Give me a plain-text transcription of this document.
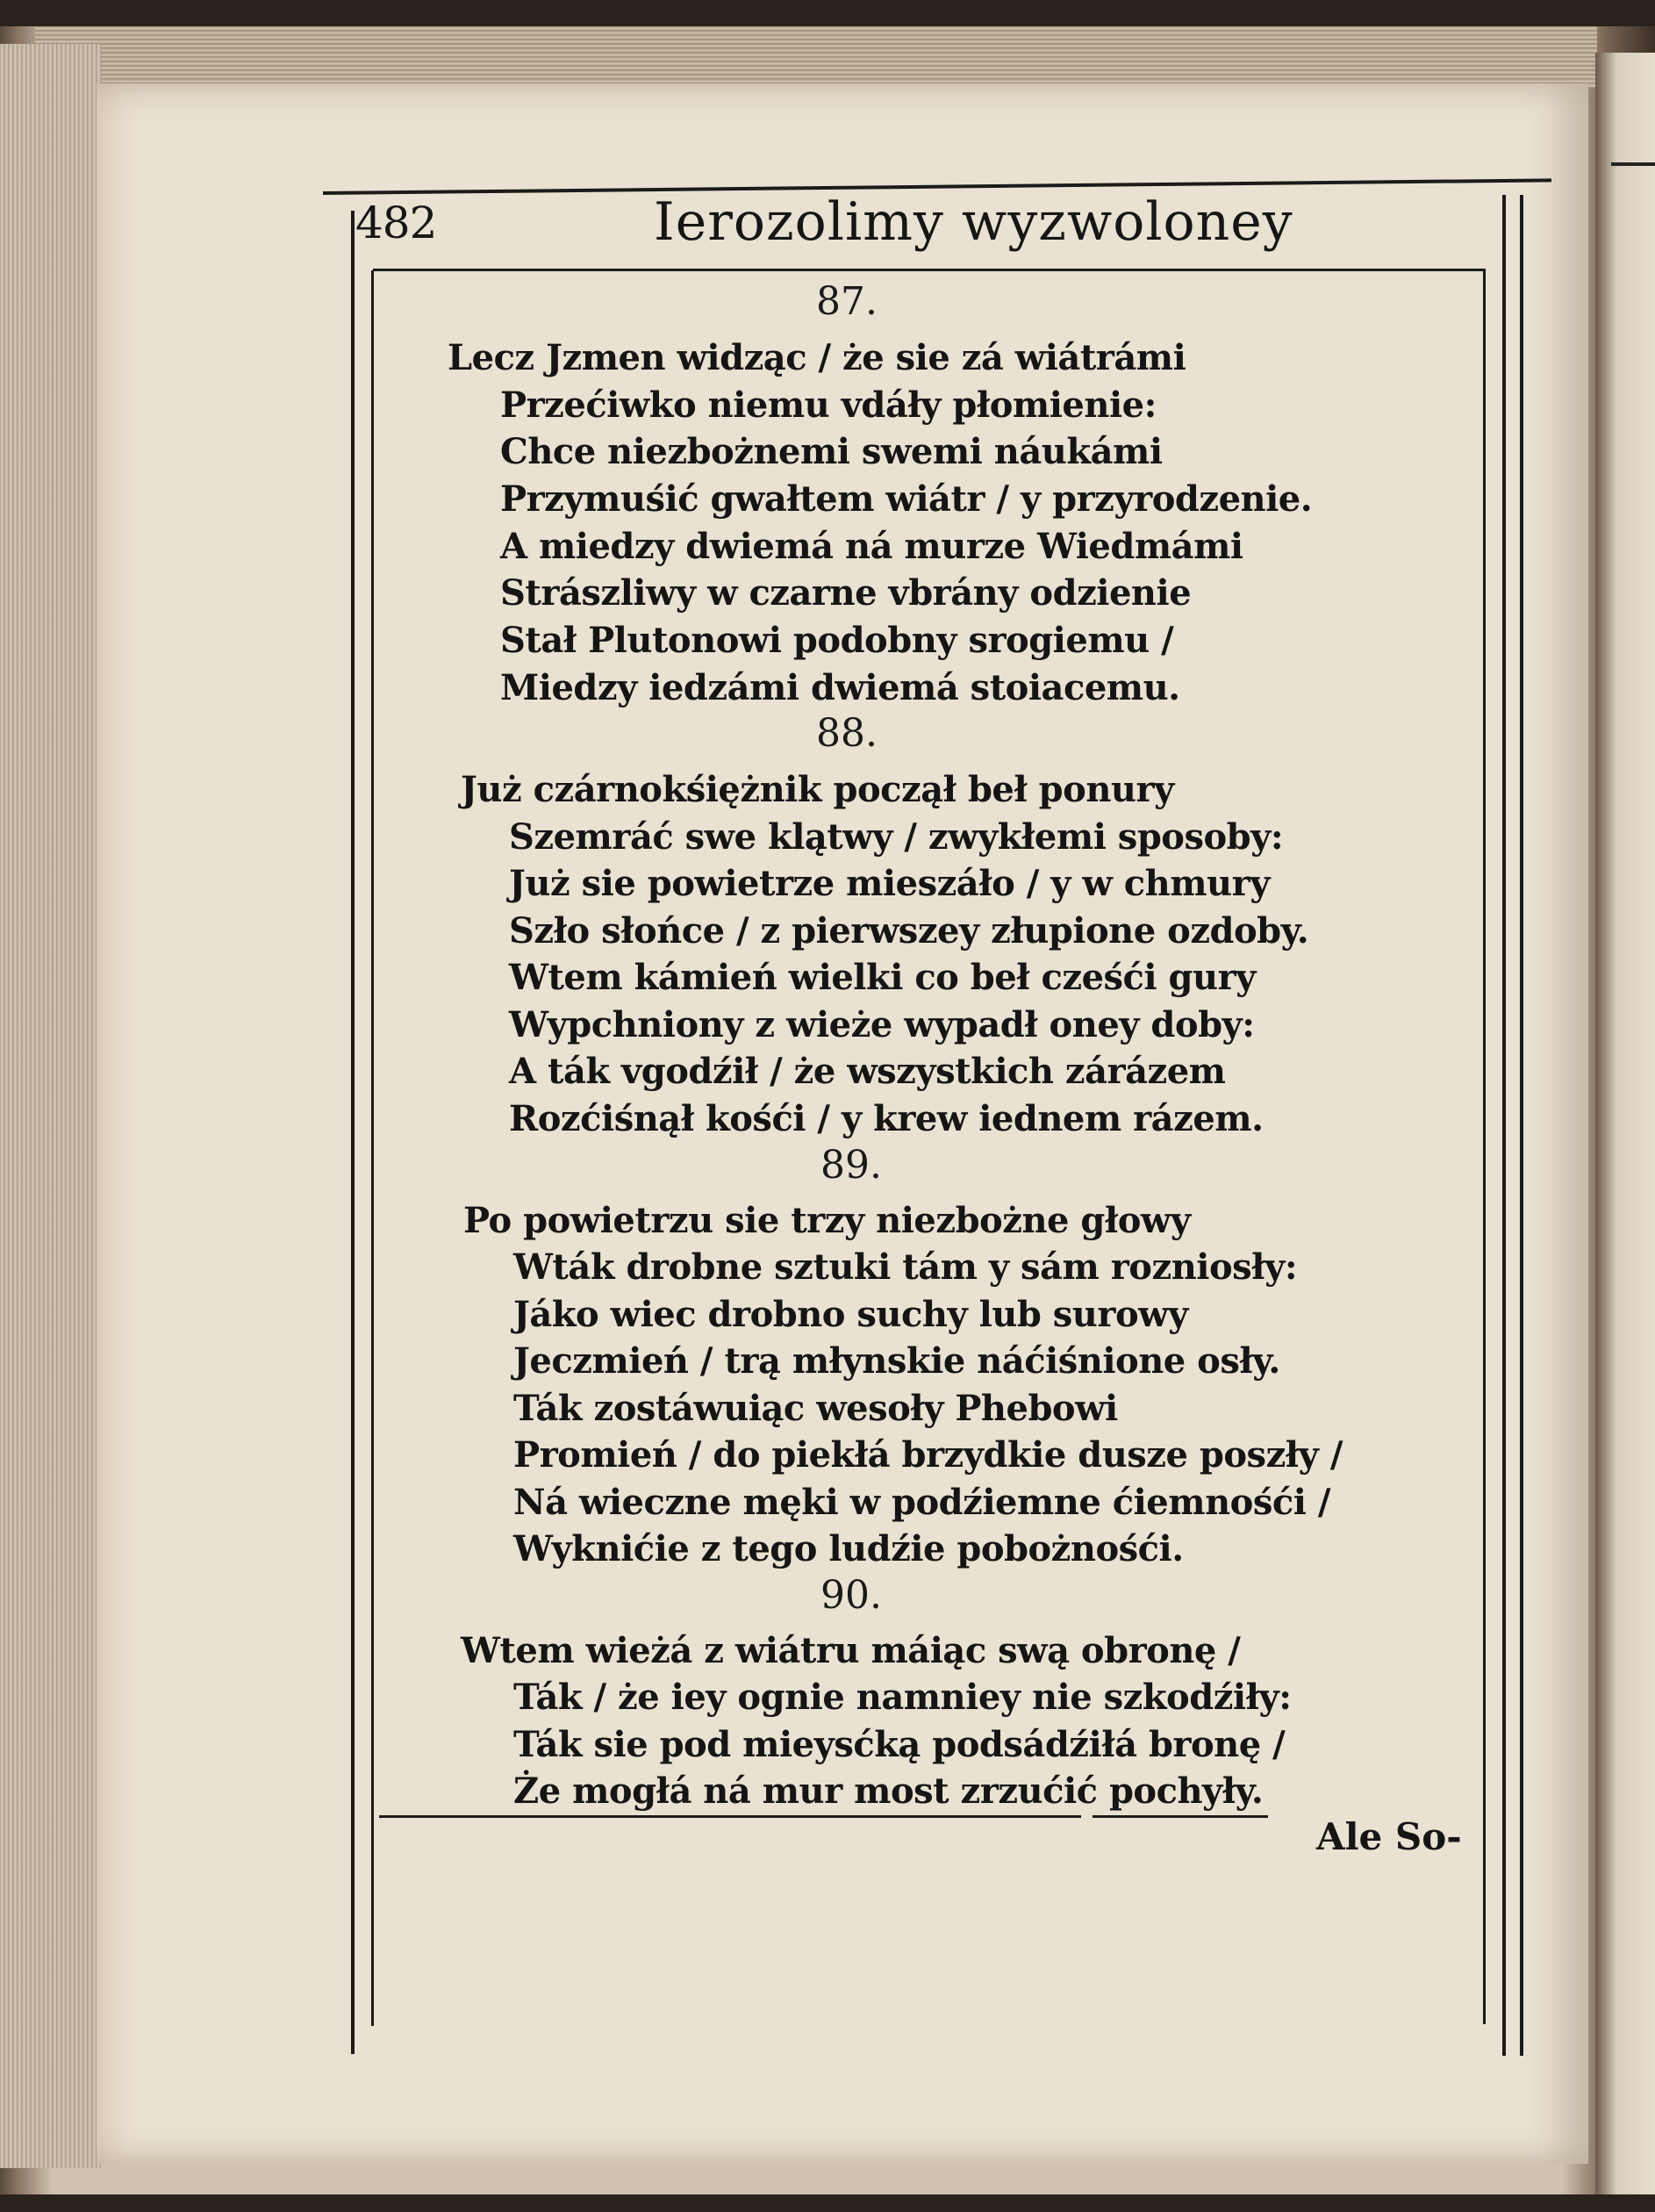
482	Ierozolimy wyzwoloney
87.
Lecz Jzmen widząc / że sie zá wiátrámi
Przećiwko niemu vdáły płomienie:
Chce niezbożnemi swemi náukámi
Przymuśić gwałtem wiátr / y przyrodzenie.
A miedzy dwiemá ná murze Wiedmámi
Strászliwy w czarne vbrány odzienie
Stał Plutonowi podobny srogiemu /
Miedzy iedzámi dwiemá stoiacemu.
88.
Już czárnokśiężnik począł beł ponury
Szemráć swe klątwy / zwykłemi sposoby:
Już sie powietrze mieszáło / y w chmury
Szło słońce / z pierwszey złupione ozdoby.
Wtem kámień wielki co beł cześći gury
Wypchniony z wieże wypadł oney doby:
A ták vgodźił / że wszystkich zárázem
Rozćiśnął kośći / y krew iednem rázem.
89.
Po powietrzu sie trzy niezbożne głowy
Wták drobne sztuki tám y sám rozniosły:
Jáko wiec drobno suchy lub surowy
Jeczmień / trą młynskie náćiśnione osły.
Ták zostáwuiąc wesoły Phebowi
Promień / do piekłá brzydkie dusze poszły /
Ná wieczne męki w podźiemne ćiemnośći /
Wyknićie z tego ludźie pobożnośći.
90.
Wtem wieżá z wiátru máiąc swą obronę /
Ták / że iey ognie namniey nie szkodźiły:
Ták sie pod mieysćką podsádźiłá bronę /
Że mogłá ná mur most zrzućić pochyły.
Ale So-
